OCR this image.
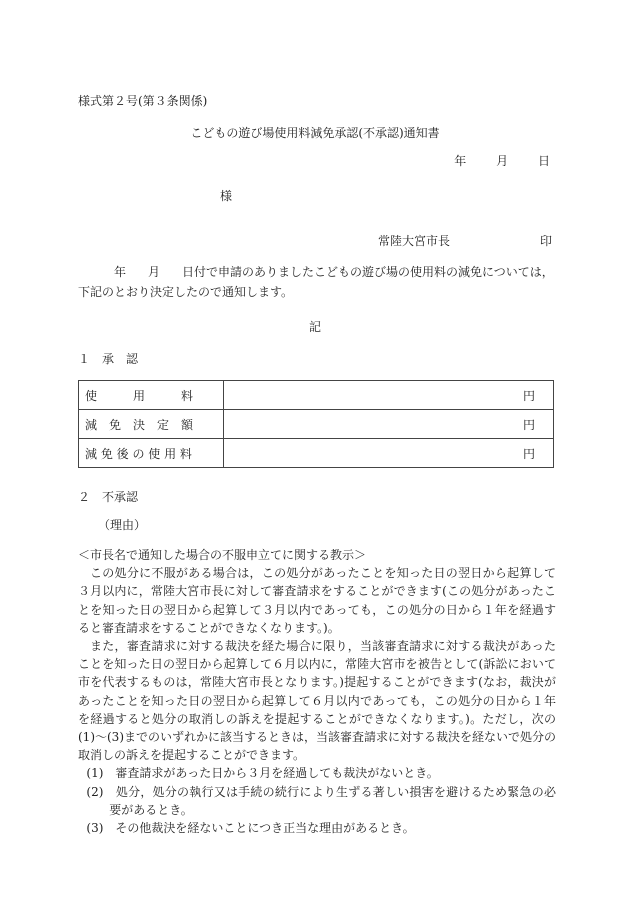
様式第２号(第３条関係)
こどもの遊び場使用料減免承認(不承認)通知書
年 月 日
様
常陸大宮市長	印
年 月 日付で申請のありましたこどもの遊び場の使用料の減免については，下記のとおり決定したので通知します。
記
１　承　認
使　　　用　　　料	円
減　免　決　定　額	円
減 免 後 の 使 用 料	円
２　不承認
（理由）

＜市長名で通知した場合の不服申立てに関する教示＞

この処分に不服がある場合は，この処分があったことを知った日の翌日から起算して３月以内に，常陸大宮市長に対して審査請求をすることができます(この処分があったことを知った日の翌日から起算して３月以内であっても，この処分の日から１年を経過すると審査請求をすることができなくなります。)。

また，審査請求に対する裁決を経た場合に限り，当該審査請求に対する裁決があったことを知った日の翌日から起算して６月以内に，常陸大宮市を被告として(訴訟において市を代表するものは，常陸大宮市長となります。)提起することができます(なお，裁決があったことを知った日の翌日から起算して６月以内であっても，この処分の日から１年を経過すると処分の取消しの訴えを提起することができなくなります。)。ただし，次の(1)～(3)までのいずれかに該当するときは，当該審査請求に対する裁決を経ないで処分の取消しの訴えを提起することができます。

(1)　審査請求があった日から３月を経過しても裁決がないとき。

(2)　処分，処分の執行又は手続の続行により生ずる著しい損害を避けるため緊急の必要があるとき。

(3)　その他裁決を経ないことにつき正当な理由があるとき。
